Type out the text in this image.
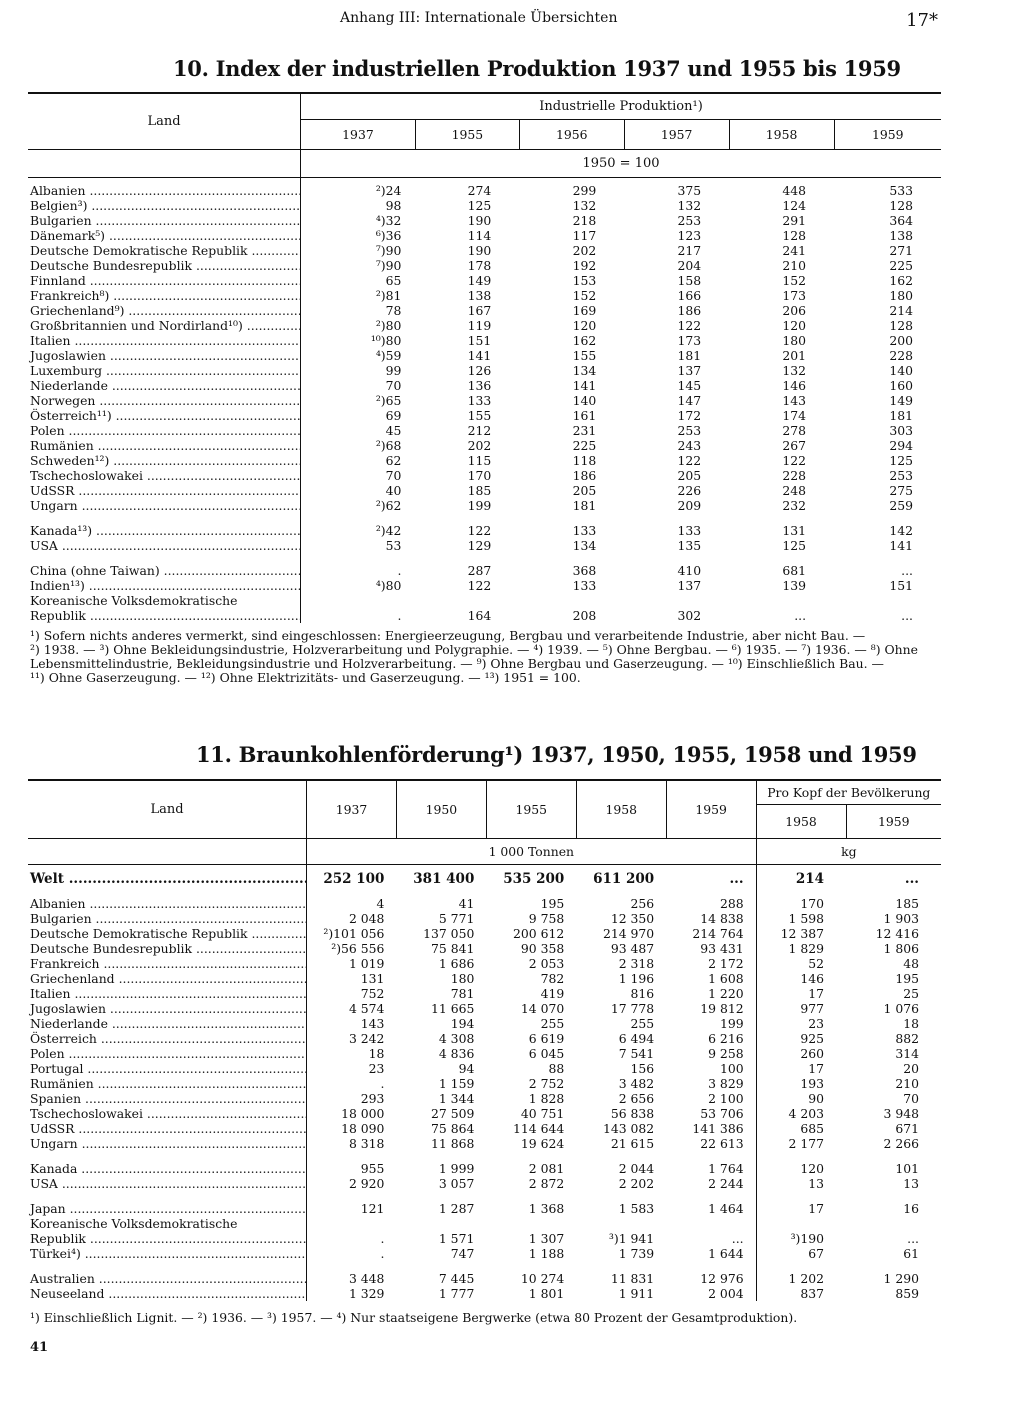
Anhang III: Internationale Übersichten	17*
10. Index der industriellen Produktion 1937 und 1955 bis 1959
Land	Industrielle Produktion¹)					
	1937	1955	1956	1957	1958	1959
	1950 = 100					

Albanien .....	²)24	274	299	375	448	533
Belgien³) .....	98	125	132	132	124	128
Bulgarien .....	⁴)32	190	218	253	291	364
Dänemark⁵) .....	⁶)36	114	117	123	128	138
Deutsche Demokratische Republik .....	⁷)90	190	202	217	241	271
Deutsche Bundesrepublik .....	⁷)90	178	192	204	210	225
Finnland .....	65	149	153	158	152	162
Frankreich⁸) .....	²)81	138	152	166	173	180
Griechenland⁹) .....	78	167	169	186	206	214
Großbritannien und Nordirland¹⁰) .....	²)80	119	120	122	120	128
Italien .....	¹⁰)80	151	162	173	180	200
Jugoslawien .....	⁴)59	141	155	181	201	228
Luxemburg .....	99	126	134	137	132	140
Niederlande .....	70	136	141	145	146	160
Norwegen .....	²)65	133	140	147	143	149
Österreich¹¹) .....	69	155	161	172	174	181
Polen .....	45	212	231	253	278	303
Rumänien .....	²)68	202	225	243	267	294
Schweden¹²) .....	62	115	118	122	122	125
Tschechoslowakei .....	70	170	186	205	228	253
UdSSR .....	40	185	205	226	248	275
Ungarn .....	²)62	199	181	209	232	259

Kanada¹³) .....	²)42	122	133	133	131	142
USA .....	53	129	134	135	125	141

China (ohne Taiwan) .....	.	287	368	410	681	...
Indien¹³) .....	⁴)80	122	133	137	139	151
Koreanische Volksdemokratische						
Republik .....	.	164	208	302	...	...
¹) Sofern nichts anderes vermerkt, sind eingeschlossen: Energieerzeugung, Bergbau und verarbeitende Industrie, aber nicht Bau. —
²) 1938. — ³) Ohne Bekleidungsindustrie, Holzverarbeitung und Polygraphie. — ⁴) 1939. — ⁵) Ohne Bergbau. — ⁶) 1935. — ⁷) 1936. — ⁸) Ohne
Lebensmittelindustrie, Bekleidungsindustrie und Holzverarbeitung. — ⁹) Ohne Bergbau und Gaserzeugung. — ¹⁰) Einschließlich Bau. —
¹¹) Ohne Gaserzeugung. — ¹²) Ohne Elektrizitäts- und Gaserzeugung. — ¹³) 1951 = 100.
11. Braunkohlenförderung¹) 1937, 1950, 1955, 1958 und 1959
Land	1937	1950	1955	1958	1959	Pro Kopf der Bevölkerung	
						1958	1959
	1 000 Tonnen					kg	

Welt .....	252 100	381 400	535 200	611 200	...	214	...

Albanien .....	4	41	195	256	288	170	185
Bulgarien .....	2 048	5 771	9 758	12 350	14 838	1 598	1 903
Deutsche Demokratische Republik .....	²)101 056	137 050	200 612	214 970	214 764	12 387	12 416
Deutsche Bundesrepublik .....	²)56 556	75 841	90 358	93 487	93 431	1 829	1 806
Frankreich .....	1 019	1 686	2 053	2 318	2 172	52	48
Griechenland .....	131	180	782	1 196	1 608	146	195
Italien .....	752	781	419	816	1 220	17	25
Jugoslawien .....	4 574	11 665	14 070	17 778	19 812	977	1 076
Niederlande .....	143	194	255	255	199	23	18
Österreich .....	3 242	4 308	6 619	6 494	6 216	925	882
Polen .....	18	4 836	6 045	7 541	9 258	260	314
Portugal .....	23	94	88	156	100	17	20
Rumänien .....	.	1 159	2 752	3 482	3 829	193	210
Spanien .....	293	1 344	1 828	2 656	2 100	90	70
Tschechoslowakei .....	18 000	27 509	40 751	56 838	53 706	4 203	3 948
UdSSR .....	18 090	75 864	114 644	143 082	141 386	685	671
Ungarn .....	8 318	11 868	19 624	21 615	22 613	2 177	2 266

Kanada .....	955	1 999	2 081	2 044	1 764	120	101
USA .....	2 920	3 057	2 872	2 202	2 244	13	13

Japan .....	121	1 287	1 368	1 583	1 464	17	16
Koreanische Volksdemokratische							
Republik .....	.	1 571	1 307	³)1 941	...	³)190	...
Türkei⁴) .....	.	747	1 188	1 739	1 644	67	61

Australien .....	3 448	7 445	10 274	11 831	12 976	1 202	1 290
Neuseeland .....	1 329	1 777	1 801	1 911	2 004	837	859
¹) Einschließlich Lignit. — ²) 1936. — ³) 1957. — ⁴) Nur staatseigene Bergwerke (etwa 80 Prozent der Gesamtproduktion).
41
